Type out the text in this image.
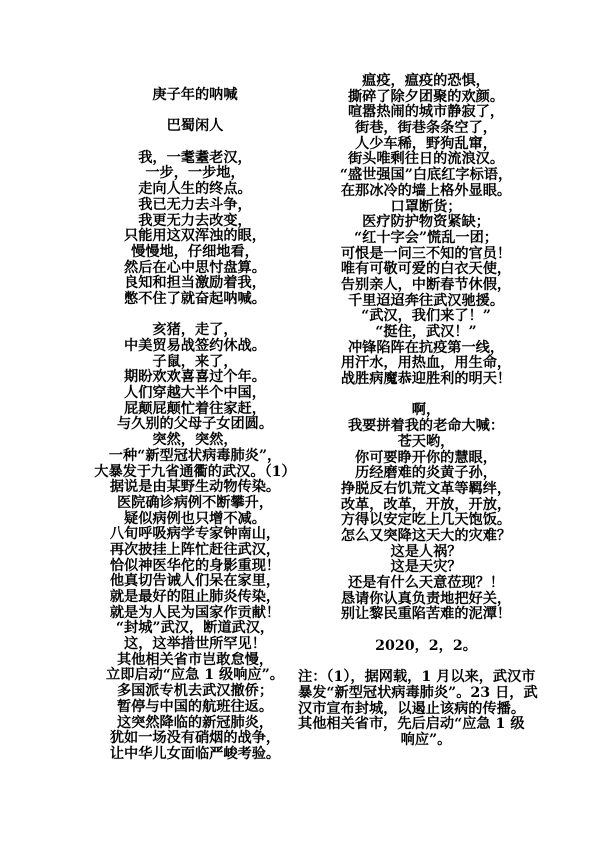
庚子年的呐喊
巴蜀闲人
我，一耄耋老汉，
一步，一步地，
走向人生的终点。
我已无力去斗争，
我更无力去改变，
只能用这双浑浊的眼，
慢慢地，仔细地看，
然后在心中思忖盘算。
良知和担当激励着我，
憋不住了就奋起呐喊。
亥猪，走了，
中美贸易战签约休战。
子鼠，来了，
期盼欢欢喜喜过个年。
人们穿越大半个中国，
屁颠屁颠忙着往家赶，
与久别的父母子女团圆。
突然，突然，
一种“新型冠状病毒肺炎”，
大暴发于九省通衢的武汉。（1）
据说是由某野生动物传染。
医院确诊病例不断攀升，
疑似病例也只增不减。
八旬呼吸病学专家钟南山，
再次披挂上阵忙赶往武汉，
恰似神医华佗的身影重现！
他真切告诫人们呆在家里，
就是最好的阻止肺炎传染，
就是为人民为国家作贡献！
“封城”武汉，断道武汉，
这，这举措世所罕见！
其他相关省市岂敢怠慢，
立即启动“应急 1 级响应”。
多国派专机去武汉撤侨；
暂停与中国的航班往返。
这突然降临的新冠肺炎，
犹如一场没有硝烟的战争，
让中华儿女面临严峻考验。
瘟疫，瘟疫的恐惧，
撕碎了除夕团聚的欢颜。
喧嚣热闹的城市静寂了，
街巷，街巷条条空了，
人少车稀，野狗乱窜，
街头唯剩往日的流浪汉。
“盛世强国”白底红字标语，
在那冰冷的墙上格外显眼。
口罩断货；
医疗防护物资紧缺；
“红十字会”慌乱一团；
可恨是一问三不知的官员！
唯有可敬可爱的白衣天使，
告别亲人，中断春节休假，
千里迢迢奔往武汉驰援。
“武汉，我们来了！”
“挺住，武汉！”
冲锋陷阵在抗疫第一线，
用汗水，用热血，用生命，
战胜病魔恭迎胜利的明天！
啊，
我要拼着我的老命大喊：
苍天哟，
你可要睁开你的慧眼，
历经磨难的炎黄子孙，
挣脱反右饥荒文革等羁绊，
改革，改革，开放，开放，
方得以安定吃上几天饱饭。
怎么又突降这天大的灾难？
这是人祸？
这是天灾？
还是有什么天意莅现？！
恳请你认真负责地把好关，
别让黎民重陷苦难的泥潭！
2020，2，2。
注：（1），据网载，1 月以来，武汉市
暴发“新型冠状病毒肺炎”。23 日，武
汉市宣布封城，以遏止该病的传播。
其他相关省市，先后启动“应急 1 级
响应”。
